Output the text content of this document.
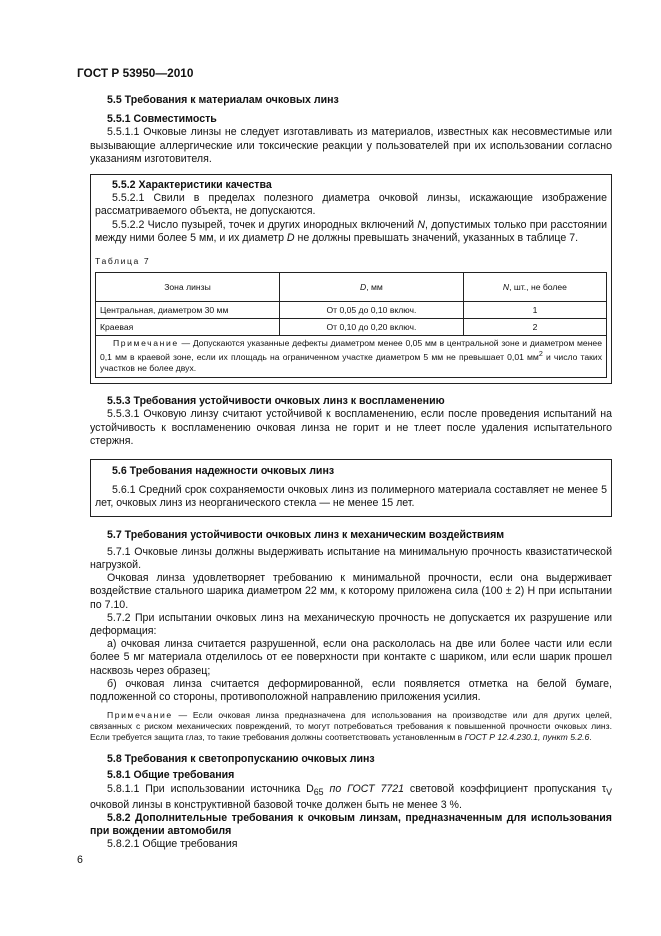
ГОСТ Р 53950—2010

5.5 Требования к материалам очковых линз

5.5.1 Совместимость

5.5.1.1 Очковые линзы не следует изготавливать из материалов, известных как несовместимые или вызывающие аллергические или токсические реакции у пользователей при их использовании согласно указаниям изготовителя.

5.5.2 Характеристики качества

5.5.2.1 Свили в пределах полезного диаметра очковой линзы, искажающие изображение рассматриваемого объекта, не допускаются.

5.5.2.2 Число пузырей, точек и других инородных включений N, допустимых только при расстоянии между ними более 5 мм, и их диаметр D не должны превышать значений, указанных в таблице 7.

Таблица 7
Зона линзы	D, мм	N, шт., не более
Центральная, диаметром 30 мм	От 0,05 до 0,10 включ.	1
Краевая	От 0,10 до 0,20 включ.	2
Примечание — Допускаются указанные дефекты диаметром менее 0,05 мм в центральной зоне и диаметром менее 0,1 мм в краевой зоне, если их площадь на ограниченном участке диаметром 5 мм не превышает 0,01 $мм^2$ и число таких участков не более двух.		

5.5.3 Требования устойчивости очковых линз к воспламенению

5.5.3.1 Очковую линзу считают устойчивой к воспламенению, если после проведения испытаний на устойчивость к воспламенению очковая линза не горит и не тлеет после удаления испытательного стержня.

5.6 Требования надежности очковых линз

5.6.1 Средний срок сохраняемости очковых линз из полимерного материала составляет не менее 5 лет, очковых линз из неорганического стекла — не менее 15 лет.

5.7 Требования устойчивости очковых линз к механическим воздействиям

5.7.1 Очковые линзы должны выдерживать испытание на минимальную прочность квазистатической нагрузкой.

Очковая линза удовлетворяет требованию к минимальной прочности, если она выдерживает воздействие стального шарика диаметром 22 мм, к которому приложена сила (100 ± 2) Н при испытании по 7.10.

5.7.2 При испытании очковых линз на механическую прочность не допускается их разрушение или деформация:

а) очковая линза считается разрушенной, если она раскололась на две или более части или если более 5 мг материала отделилось от ее поверхности при контакте с шариком, или если шарик прошел насквозь через образец;

б) очковая линза считается деформированной, если появляется отметка на белой бумаге, подложенной со стороны, противоположной направлению приложения усилия.

Примечание — Если очковая линза предназначена для использования на производстве или для других целей, связанных с риском механических повреждений, то могут потребоваться требования к повышенной прочности очковых линз. Если требуется защита глаз, то такие требования должны соответствовать установленным в ГОСТ Р 12.4.230.1, пункт 5.2.6.

5.8 Требования к светопропусканию очковых линз

5.8.1 Общие требования

5.8.1.1 При использовании источника $D_{65}$ по ГОСТ 7721 световой коэффициент пропускания $\tau_V$ очковой линзы в конструктивной базовой точке должен быть не менее 3 %.

5.8.2 Дополнительные требования к очковым линзам, предназначенным для использования при вождении автомобиля

5.8.2.1 Общие требования

6
